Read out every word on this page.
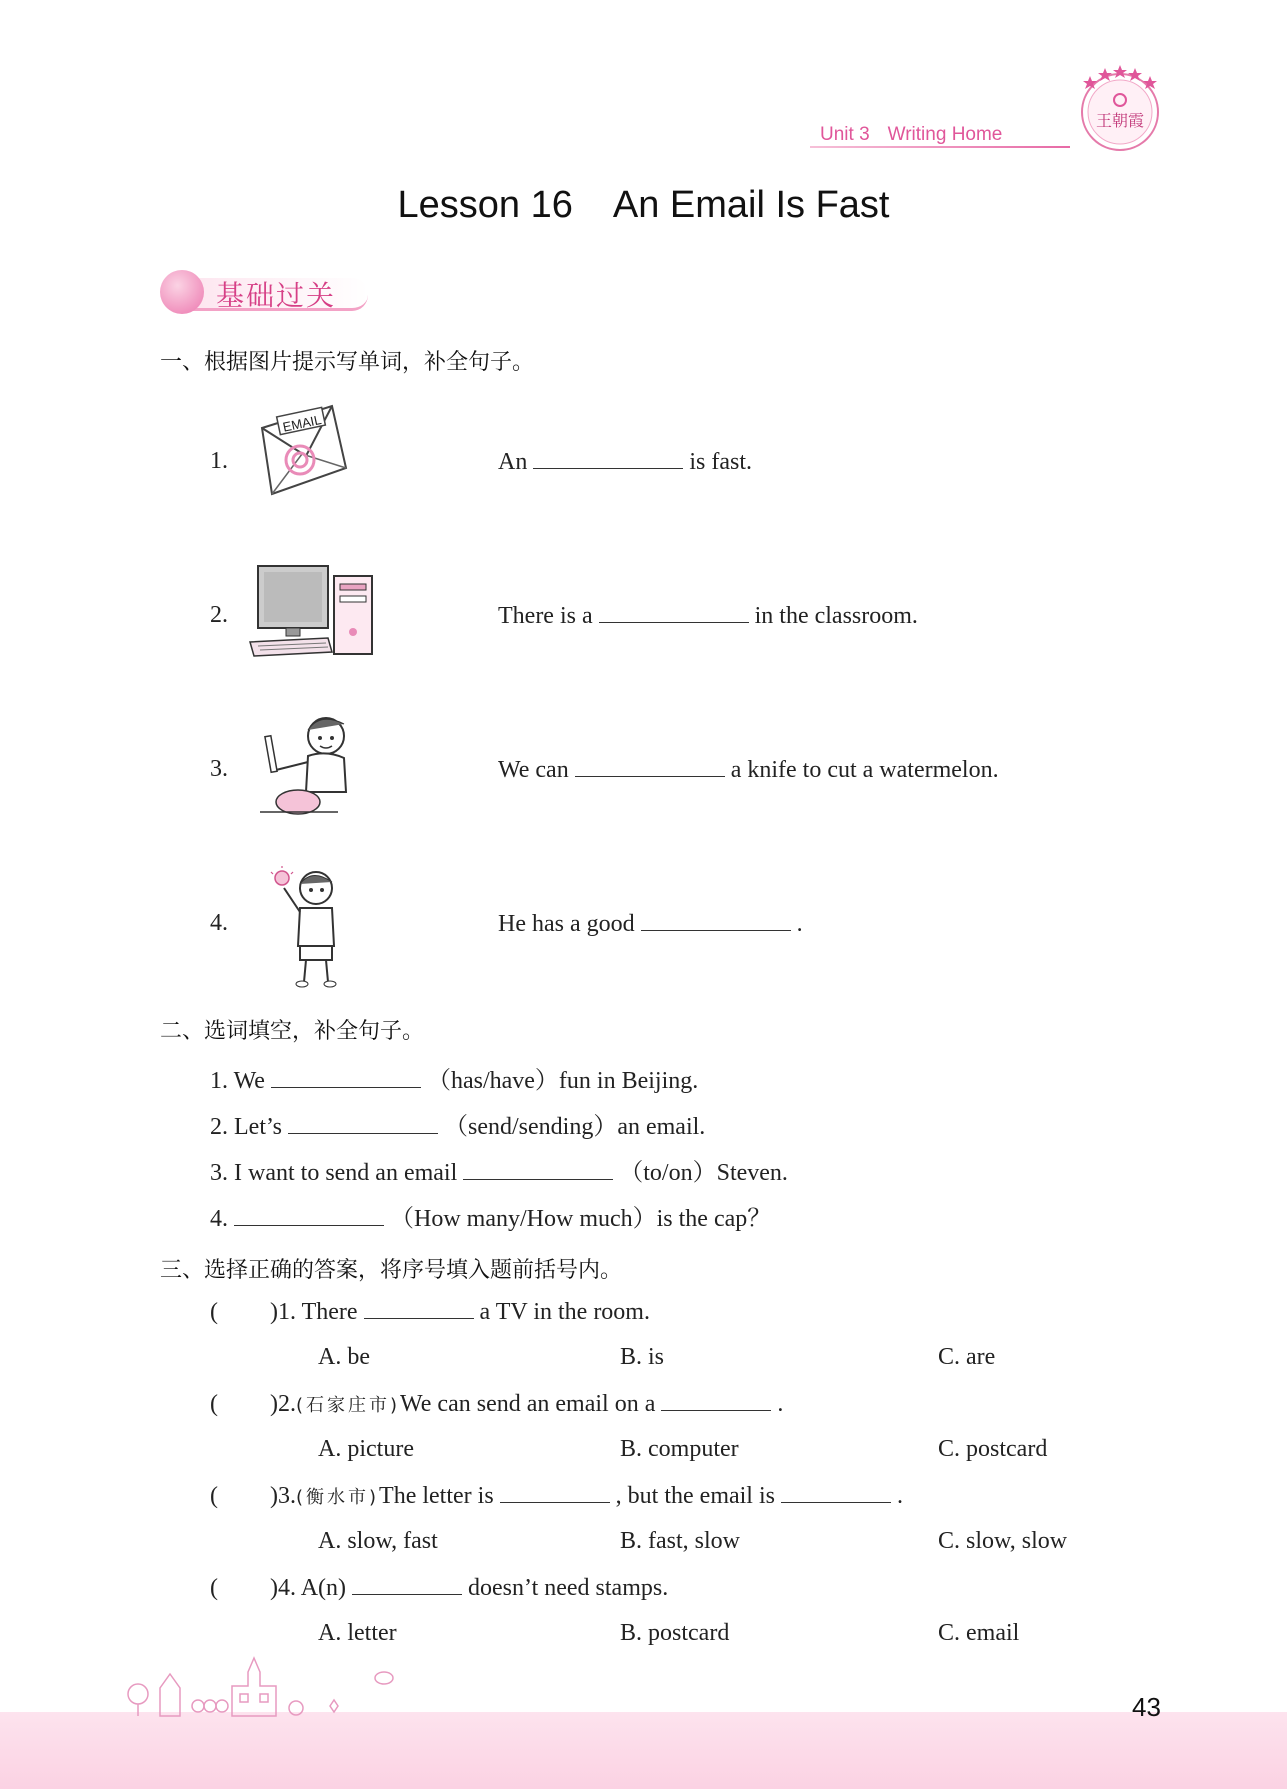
Unit 3 Writing Home
王朝霞
Lesson 16 An Email Is Fast
基础过关
一、根据图片提示写单词，补全句子。
1.
EMAIL
An	is fast.
2.	There is a	in the classroom.
3.	We can	a knife to cut a watermelon.
4.	He has a good	.
二、选词填空，补全句子。
1. We	（has/have）fun in Beijing.
2. Let’s	（send/sending）an email.
3. I want to send an email	（to/on）Steven.
4.	（How many/How much）is the cap？
三、选择正确的答案，将序号填入题前括号内。
( )1. There	a TV in the room.
A. be	B. is	C. are
( )2.(石家庄市)We can send an email on a	.
A. picture	B. computer	C. postcard
( )3.(衡水市)The letter is	, but the email is	.
A. slow, fast	B. fast, slow	C. slow, slow
( )4. A(n)	doesn’t need stamps.
A. letter	B. postcard	C. email
43
